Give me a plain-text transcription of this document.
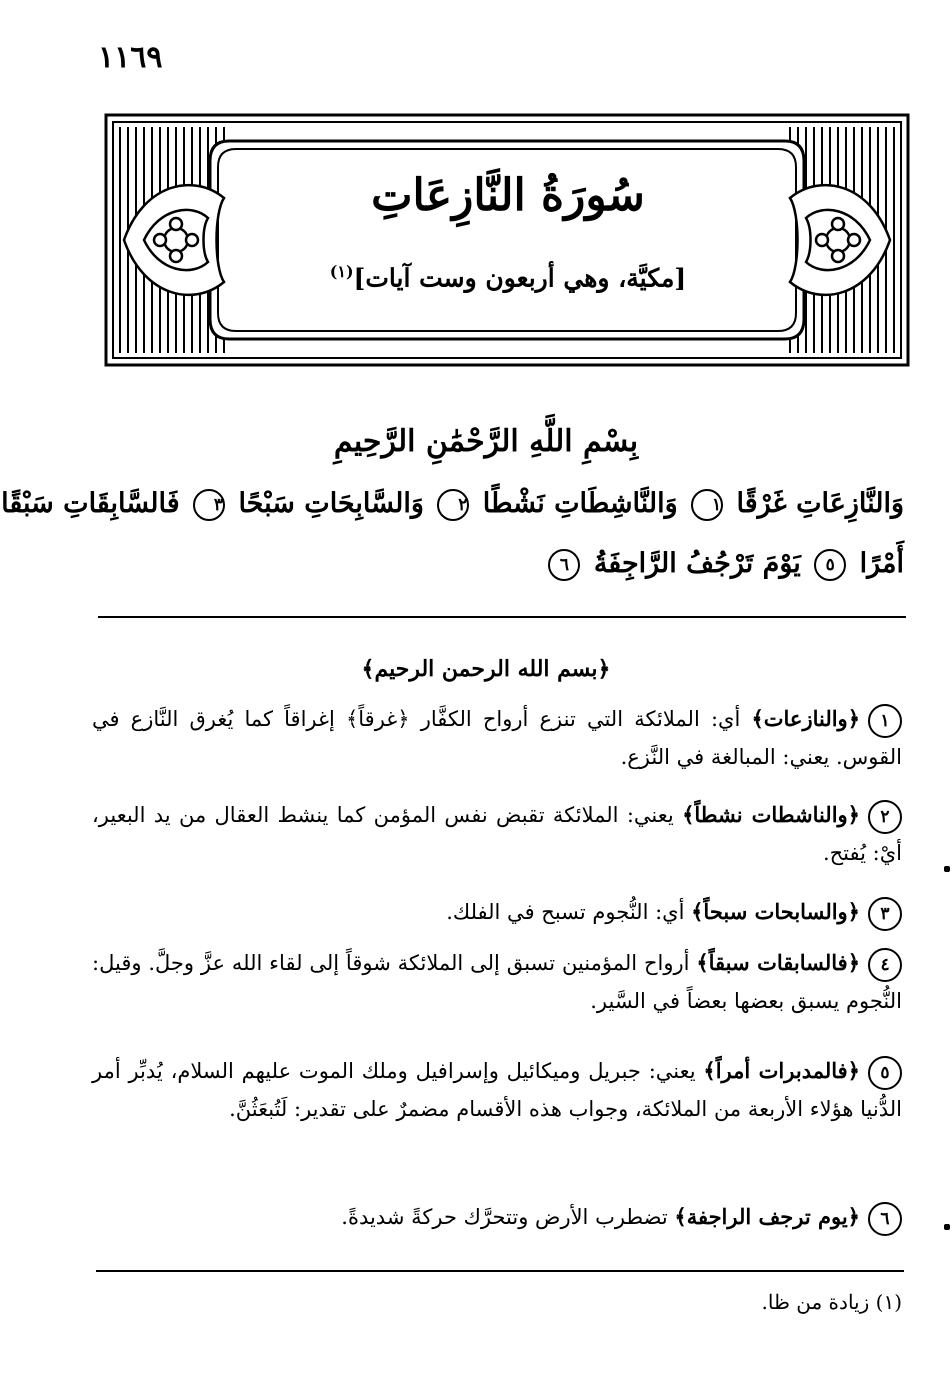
١١٦٩
سُورَةُ النَّازِعَاتِ
[مكيَّة، وهي أربعون وست آيات]$^{(١)}$
بِسْمِ اللَّهِ الرَّحْمَٰنِ الرَّحِيمِ
وَالنَّازِعَاتِ غَرْقًا ١ وَالنَّاشِطَاتِ نَشْطًا ٢ وَالسَّابِحَاتِ سَبْحًا ٣ فَالسَّابِقَاتِ سَبْقًا
أَمْرًا ٥ يَوْمَ تَرْجُفُ الرَّاجِفَةُ ٦
﴿بسم الله الرحمن الرحيم﴾
١﴿والنازعات﴾ أي: الملائكة التي تنزع أرواح الكفَّار ﴿غرقاً﴾ إغراقاً كما يُغرق النَّازع في القوس. يعني: المبالغة في النَّزع.
٢﴿والناشطات نشطاً﴾ يعني: الملائكة تقبض نفس المؤمن كما ينشط العقال من يد البعير، أيْ: يُفتح.
٣﴿والسابحات سبحاً﴾ أي: النُّجوم تسبح في الفلك.
٤﴿فالسابقات سبقاً﴾ أرواح المؤمنين تسبق إلى الملائكة شوقاً إلى لقاء الله عزَّ وجلَّ. وقيل: النُّجوم يسبق بعضها بعضاً في السَّير.
٥﴿فالمدبرات أمراً﴾ يعني: جبريل وميكائيل وإسرافيل وملك الموت عليهم السلام، يُدبِّر أمر الدُّنيا هؤلاء الأربعة من الملائكة، وجواب هذه الأقسام مضمرٌ على تقدير: لَتُبعَثُنَّ.
٦﴿يوم ترجف الراجفة﴾ تضطرب الأرض وتتحرَّك حركةً شديدةً.
(١) زيادة من ظا.
